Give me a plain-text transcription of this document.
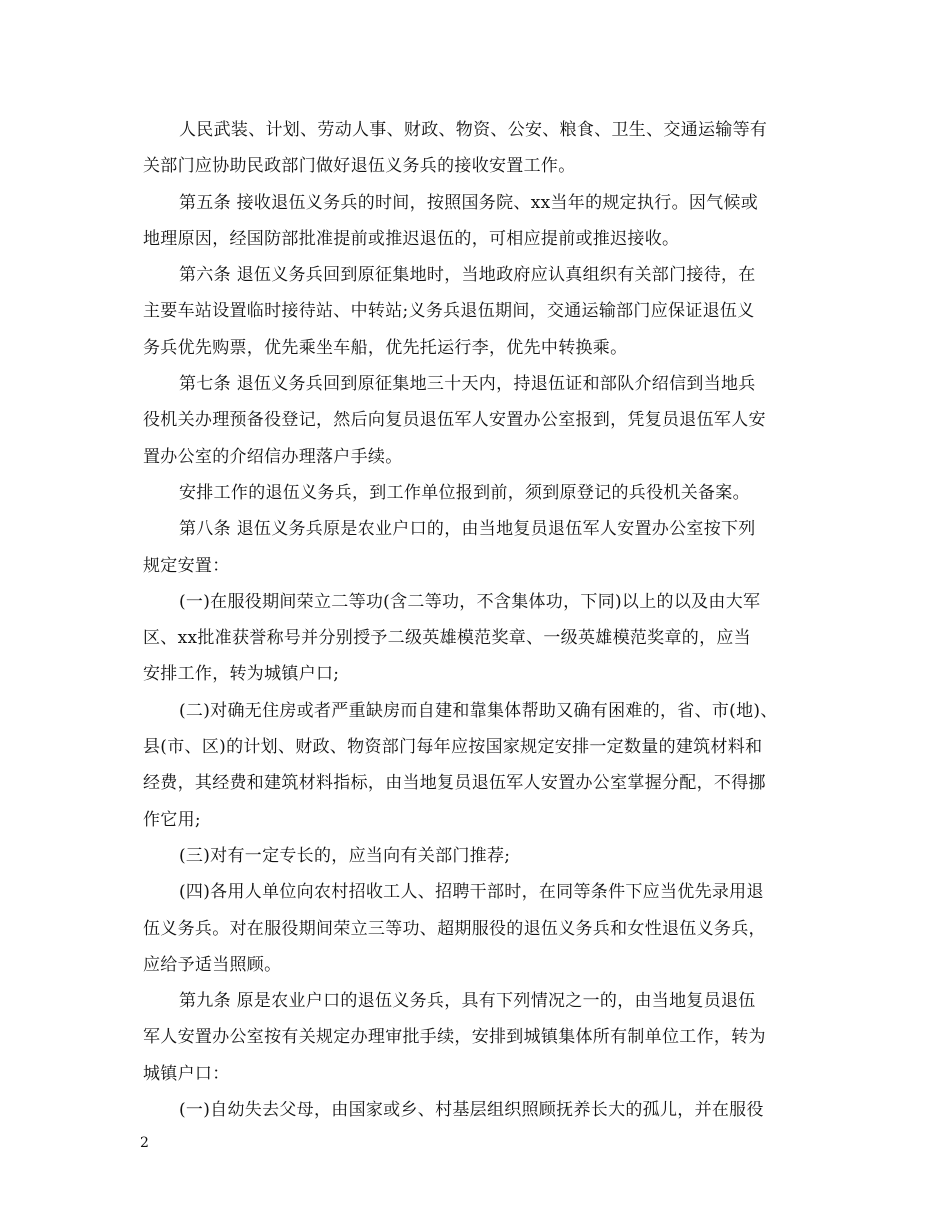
人民武装、计划、劳动人事、财政、物资、公安、粮食、卫生、交通运输等有
关部门应协助民政部门做好退伍义务兵的接收安置工作。
第五条 接收退伍义务兵的时间，按照国务院、xx当年的规定执行。因气候或
地理原因，经国防部批准提前或推迟退伍的，可相应提前或推迟接收。
第六条 退伍义务兵回到原征集地时，当地政府应认真组织有关部门接待，在
主要车站设置临时接待站、中转站;义务兵退伍期间，交通运输部门应保证退伍义
务兵优先购票，优先乘坐车船，优先托运行李，优先中转换乘。
第七条 退伍义务兵回到原征集地三十天内，持退伍证和部队介绍信到当地兵
役机关办理预备役登记，然后向复员退伍军人安置办公室报到，凭复员退伍军人安
置办公室的介绍信办理落户手续。
安排工作的退伍义务兵，到工作单位报到前，须到原登记的兵役机关备案。
第八条 退伍义务兵原是农业户口的，由当地复员退伍军人安置办公室按下列
规定安置：
(一)在服役期间荣立二等功(含二等功，不含集体功，下同)以上的以及由大军
区、xx批准获誉称号并分别授予二级英雄模范奖章、一级英雄模范奖章的，应当
安排工作，转为城镇户口;
(二)对确无住房或者严重缺房而自建和靠集体帮助又确有困难的，省、市(地)、
县(市、区)的计划、财政、物资部门每年应按国家规定安排一定数量的建筑材料和
经费，其经费和建筑材料指标，由当地复员退伍军人安置办公室掌握分配，不得挪
作它用;
(三)对有一定专长的，应当向有关部门推荐;
(四)各用人单位向农村招收工人、招聘干部时，在同等条件下应当优先录用退
伍义务兵。对在服役期间荣立三等功、超期服役的退伍义务兵和女性退伍义务兵，
应给予适当照顾。
第九条 原是农业户口的退伍义务兵，具有下列情况之一的，由当地复员退伍
军人安置办公室按有关规定办理审批手续，安排到城镇集体所有制单位工作，转为
城镇户口：
(一)自幼失去父母，由国家或乡、村基层组织照顾抚养长大的孤儿，并在服役
2
